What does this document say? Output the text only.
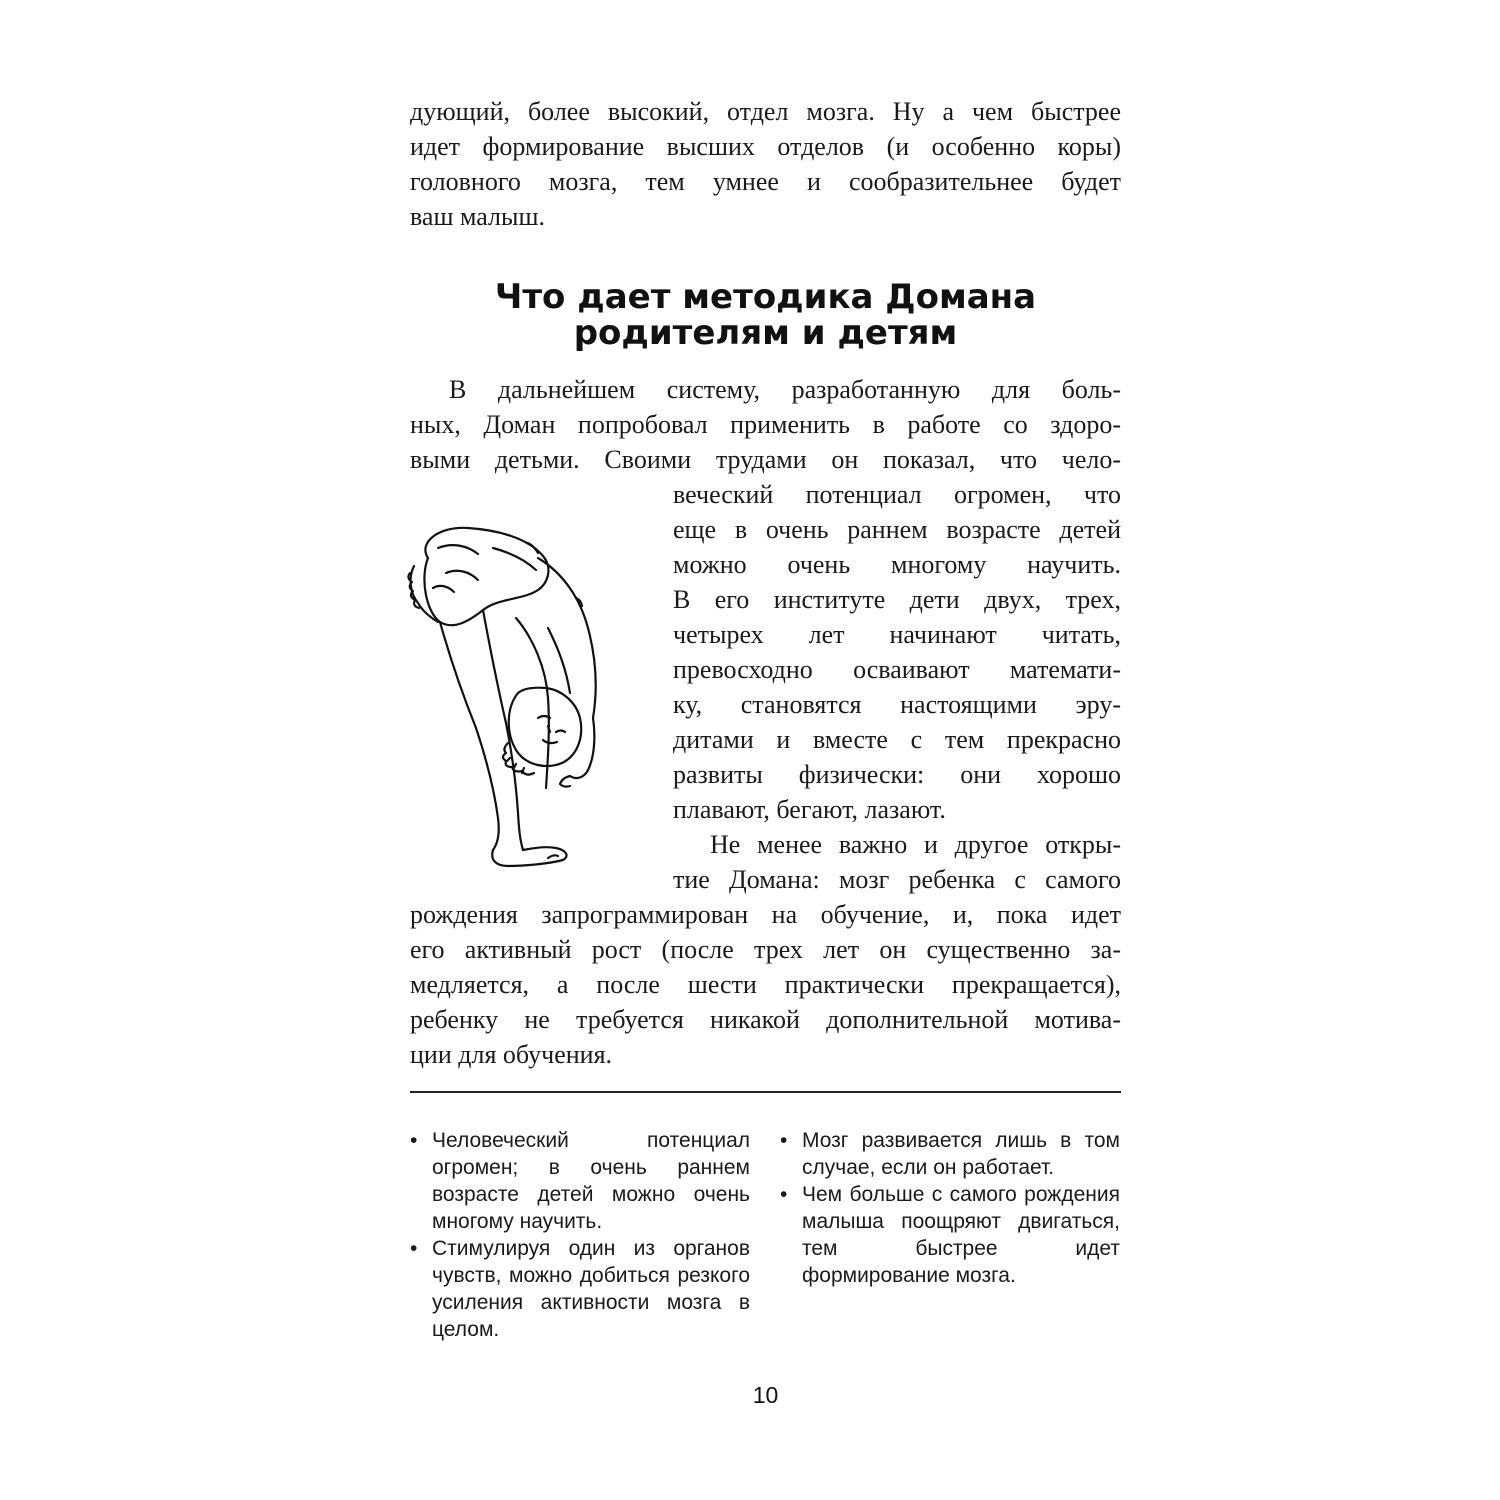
дующий, более высокий, отдел мозга. Ну а чем быстрее
идет формирование высших отделов (и особенно коры)
головного мозга, тем умнее и сообразительнее будет
ваш малыш.
Что дает методика Домана
родителям и детям
В дальнейшем систему, разработанную для боль-
ных, Доман попробовал применить в работе со здоро-
выми детьми. Своими трудами он показал, что чело-
веческий потенциал огромен, что
еще в очень раннем возрасте детей
можно очень многому научить.
В его институте дети двух, трех,
четырех лет начинают читать,
превосходно осваивают математи-
ку, становятся настоящими эру-
дитами и вместе с тем прекрасно
развиты физически: они хорошо
плавают, бегают, лазают.
Не менее важно и другое откры-
тие Домана: мозг ребенка с самого
рождения запрограммирован на обучение, и, пока идет
его активный рост (после трех лет он существенно за-
медляется, а после шести практически прекращается),
ребенку не требуется никакой дополнительной мотива-
ции для обучения.
• Человеческий потенциал огромен; в очень раннем возрасте детей можно очень многому научить.
• Стимулируя один из органов чувств, можно добиться резкого усиления активности мозга в целом.
• Мозг развивается лишь в том случае, если он работает.
• Чем больше с самого рождения малыша поощряют двигаться, тем быстрее идет формирование мозга.
10
